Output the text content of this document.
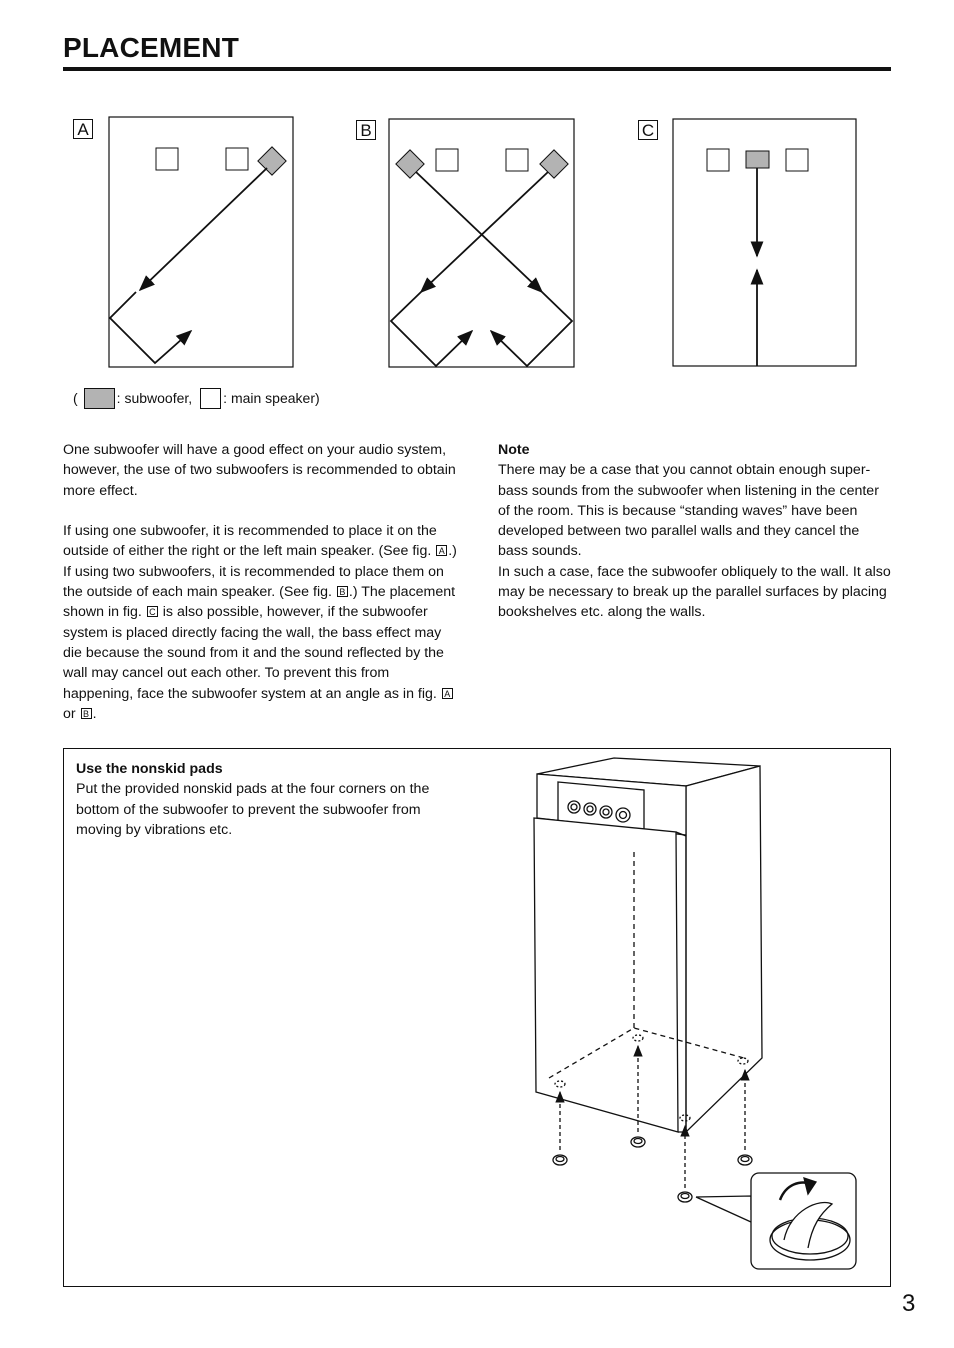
PLACEMENT
A	B	C
(	: subwoofer, : main speaker)
One subwoofer will have a good effect on your audio system, however, the use of two subwoofers is recommended to obtain more effect.
If using one subwoofer, it is recommended to place it on the outside of either the right or the left main speaker. (See fig. A .) If using two subwoofers, it is recommended to place them on the outside of each main speaker. (See fig. B .) The placement shown in fig. C is also possible, however, if the subwoofer system is placed directly facing the wall, the bass effect may die because the sound from it and the sound reflected by the wall may cancel out each other. To prevent this from happening, face the subwoofer system at an angle as in fig. A or B .
Note
There may be a case that you cannot obtain enough super-bass sounds from the subwoofer when listening in the center of the room. This is because “standing waves” have been developed between two parallel walls and they cancel the bass sounds.
In such a case, face the subwoofer obliquely to the wall. It also may be necessary to break up the parallel surfaces by placing bookshelves etc. along the walls.
Use the nonskid pads
Put the provided nonskid pads at the four corners on the bottom of the subwoofer to prevent the subwoofer from moving by vibrations etc.
3
